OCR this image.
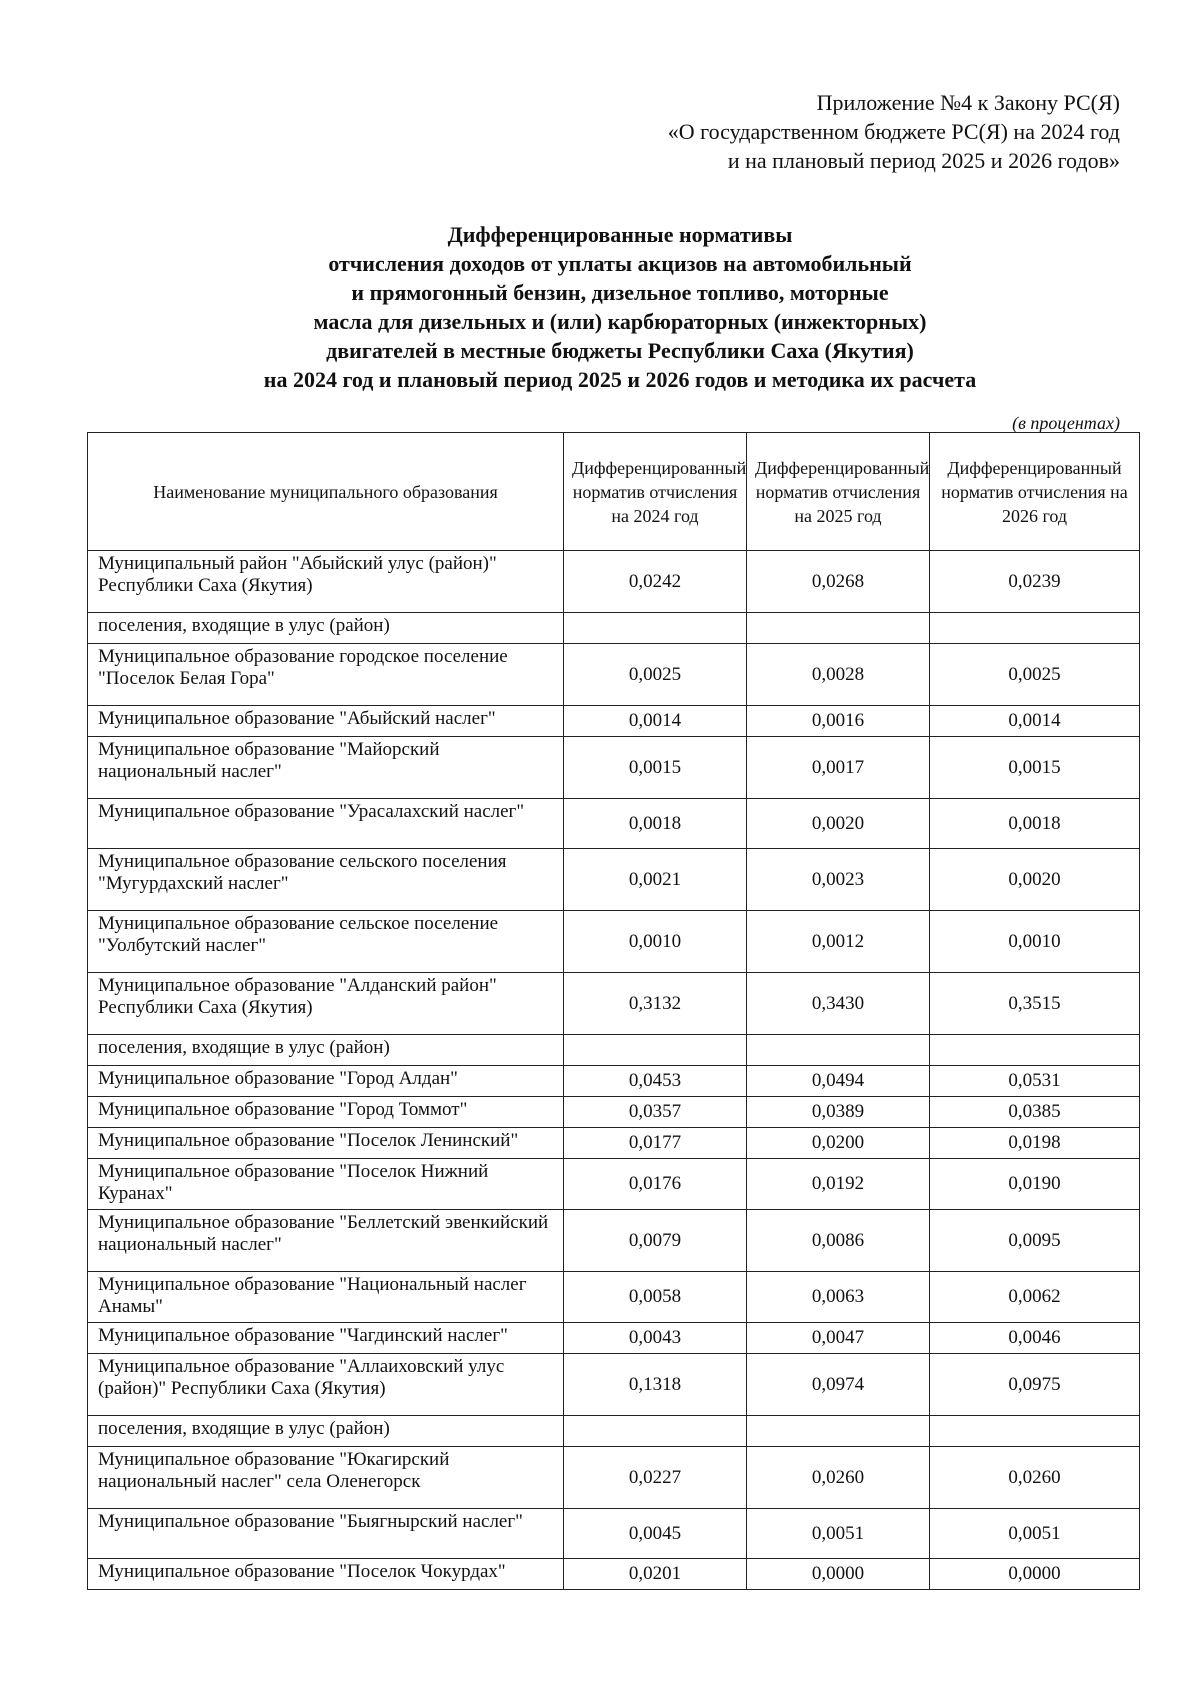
Приложение №4 к Закону РС(Я)
«О государственном бюджете РС(Я) на 2024 год
и на плановый период 2025 и 2026 годов»
Дифференцированные нормативы
отчисления доходов от уплаты акцизов на автомобильный
и прямогонный бензин, дизельное топливо, моторные
масла для дизельных и (или) карбюраторных (инжекторных)
двигателей в местные бюджеты Республики Саха (Якутия)
на 2024 год и плановый период 2025 и 2026 годов и методика их расчета
(в процентах)
Наименование муниципального образования	Дифференцированный норматив отчисления на 2024 год	Дифференцированный норматив отчисления на 2025 год	Дифференцированный норматив отчисления на 2026 год
Муниципальный район "Абыйский улус (район)" Республики Саха (Якутия)	0,0242	0,0268	0,0239
поселения, входящие в улус (район)			
Муниципальное образование городское поселение "Поселок Белая Гора"	0,0025	0,0028	0,0025
Муниципальное образование "Абыйский наслег"	0,0014	0,0016	0,0014
Муниципальное образование "Майорский национальный наслег"	0,0015	0,0017	0,0015
Муниципальное образование "Урасалахский наслег"	0,0018	0,0020	0,0018
Муниципальное образование сельского поселения "Мугурдахский наслег"	0,0021	0,0023	0,0020
Муниципальное образование сельское поселение "Уолбутский наслег"	0,0010	0,0012	0,0010
Муниципальное образование "Алданский район" Республики Саха (Якутия)	0,3132	0,3430	0,3515
поселения, входящие в улус (район)			
Муниципальное образование "Город Алдан"	0,0453	0,0494	0,0531
Муниципальное образование "Город Томмот"	0,0357	0,0389	0,0385
Муниципальное образование "Поселок Ленинский"	0,0177	0,0200	0,0198
Муниципальное образование "Поселок Нижний Куранах"	0,0176	0,0192	0,0190
Муниципальное образование "Беллетский эвенкийский национальный наслег"	0,0079	0,0086	0,0095
Муниципальное образование "Национальный наслег Анамы"	0,0058	0,0063	0,0062
Муниципальное образование "Чагдинский наслег"	0,0043	0,0047	0,0046
Муниципальное образование "Аллаиховский улус (район)" Республики Саха (Якутия)	0,1318	0,0974	0,0975
поселения, входящие в улус (район)			
Муниципальное образование "Юкагирский национальный наслег" села Оленегорск	0,0227	0,0260	0,0260
Муниципальное образование "Быягнырский наслег"	0,0045	0,0051	0,0051
Муниципальное образование "Поселок Чокурдах"	0,0201	0,0000	0,0000
